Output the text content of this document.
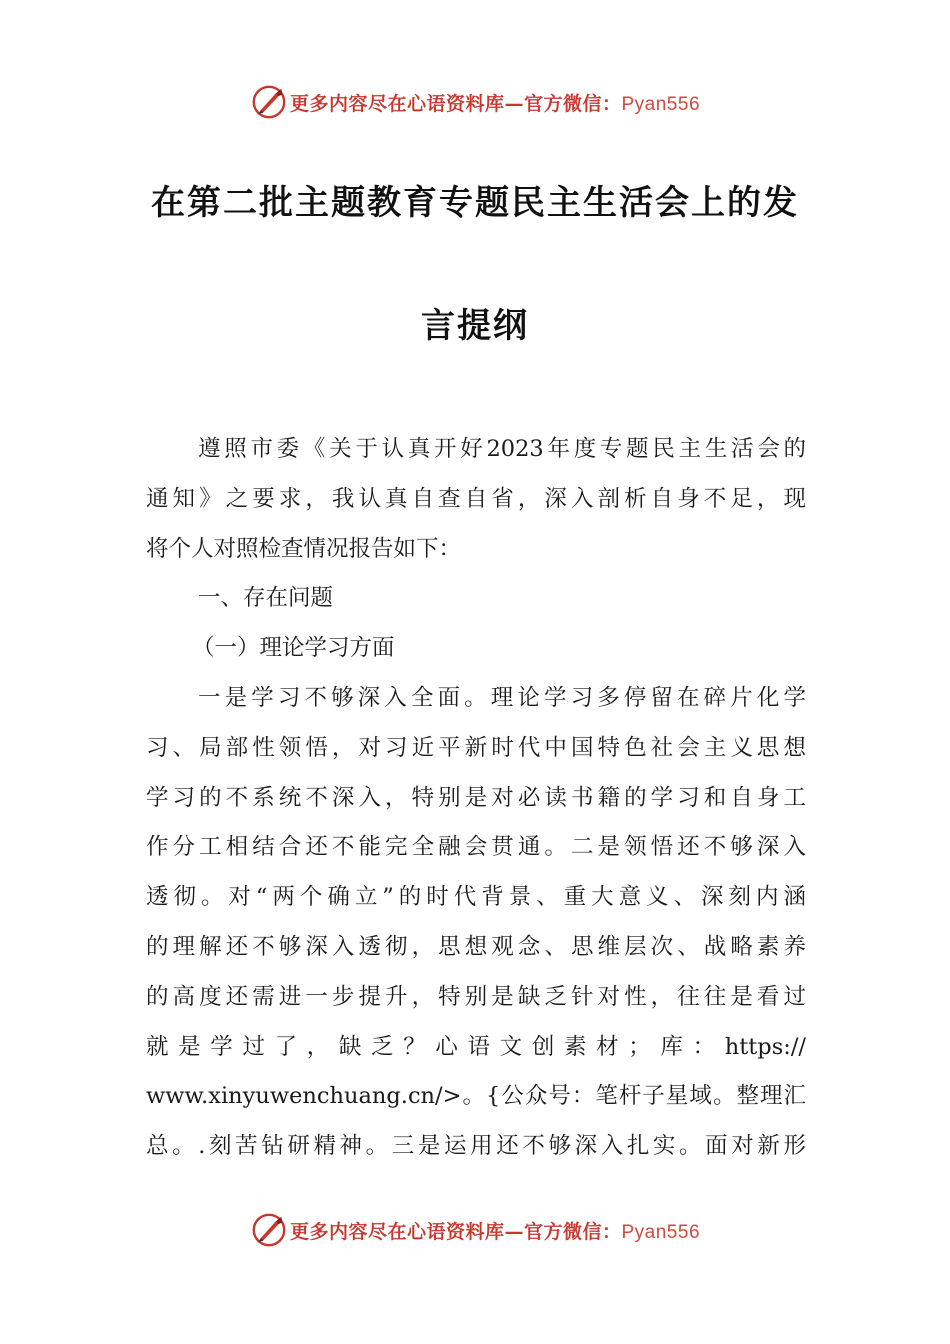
更多内容尽在心语资料库—官方微信：Pyan556
在第二批主题教育专题民主生活会上的发
言提纲
遵照市委《关于认真开好2023年度专题民主生活会的
通知》之要求，我认真自查自省，深入剖析自身不足，现
将个人对照检查情况报告如下：
一、存在问题
（一）理论学习方面
一是学习不够深入全面。理论学习多停留在碎片化学
习、局部性领悟，对习近平新时代中国特色社会主义思想
学习的不系统不深入，特别是对必读书籍的学习和自身工
作分工相结合还不能完全融会贯通。二是领悟还不够深入
透彻。对“两个确立”的时代背景、重大意义、深刻内涵
的理解还不够深入透彻，思想观念、思维层次、战略素养
的高度还需进一步提升，特别是缺乏针对性，往往是看过
就是学过了，缺乏？心语文创素材；库：https://
www.xinyuwenchuang.cn/>。{公众号：笔杆子星域。整理汇
总。.刻苦钻研精神。三是运用还不够深入扎实。面对新形
更多内容尽在心语资料库—官方微信：Pyan556
